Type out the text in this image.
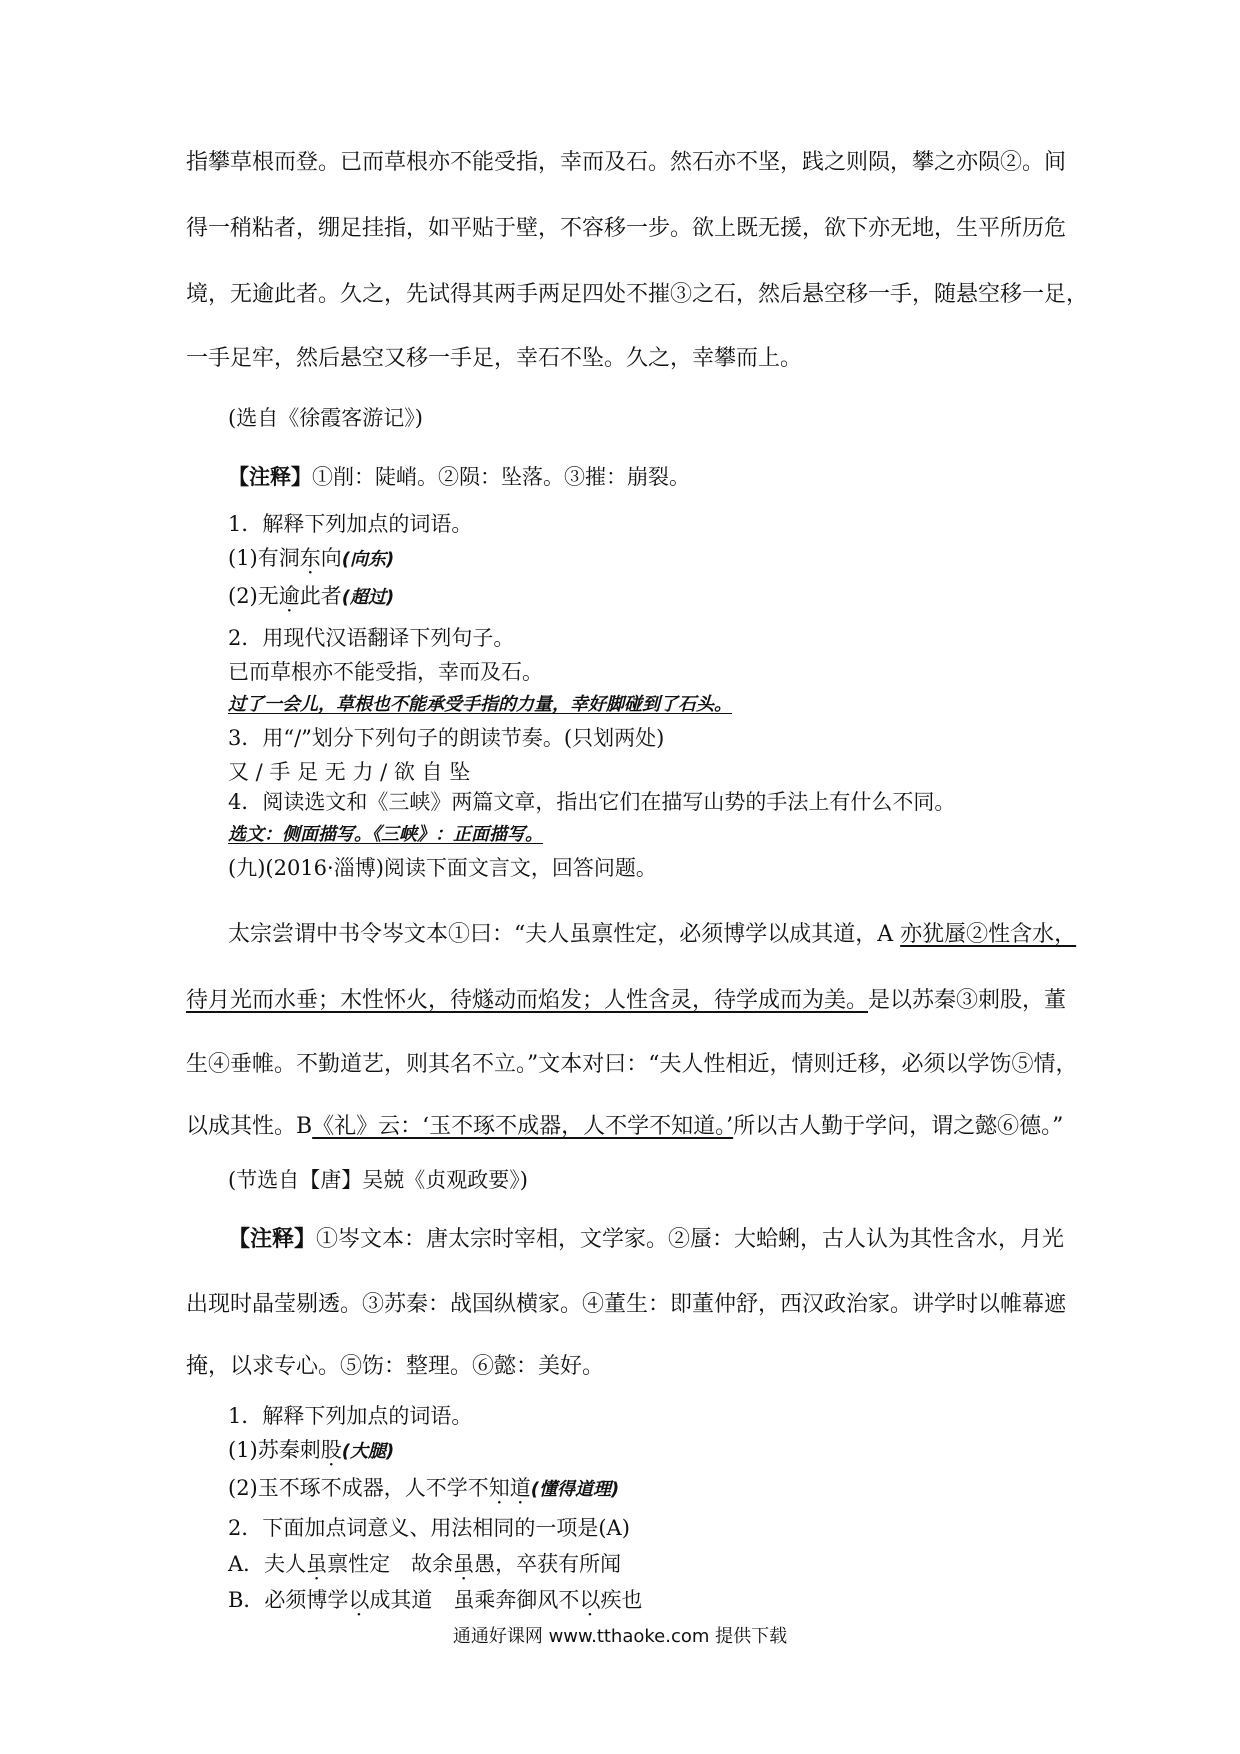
指攀草根而登。已而草根亦不能受指，幸而及石。然石亦不坚，践之则陨，攀之亦陨②。间
得一稍粘者，绷足挂指，如平贴于壁，不容移一步。欲上既无援，欲下亦无地，生平所历危
境，无逾此者。久之，先试得其两手两足四处不摧③之石，然后悬空移一手，随悬空移一足，
一手足牢，然后悬空又移一手足，幸石不坠。久之，幸攀而上。
(选自《徐霞客游记》)
【注释】①削：陡峭。②陨：坠落。③摧：崩裂。
1．解释下列加点的词语。
(1)有洞东向(向东)
(2)无逾此者(超过)
2．用现代汉语翻译下列句子。
已而草根亦不能受指，幸而及石。
过了一会儿，草根也不能承受手指的力量，幸好脚碰到了石头。
3．用“/”划分下列句子的朗读节奏。(只划两处)
又 / 手 足 无 力 / 欲 自 坠
4．阅读选文和《三峡》两篇文章，指出它们在描写山势的手法上有什么不同。
选文：侧面描写。《三峡》：正面描写。
(九)(2016·淄博)阅读下面文言文，回答问题。
太宗尝谓中书令岑文本①曰：“夫人虽禀性定，必须博学以成其道，A 亦犹蜃②性含水，
待月光而水垂；木性怀火，待燧动而焰发；人性含灵，待学成而为美。是以苏秦③刺股，董
生④垂帷。不勤道艺，则其名不立。”文本对曰：“夫人性相近，情则迁移，必须以学饬⑤情，
以成其性。B《礼》云：‘玉不琢不成器，人不学不知道。’所以古人勤于学问，谓之懿⑥德。”
(节选自【唐】吴兢《贞观政要》)
【注释】①岑文本：唐太宗时宰相，文学家。②蜃：大蛤蜊，古人认为其性含水，月光
出现时晶莹剔透。③苏秦：战国纵横家。④董生：即董仲舒，西汉政治家。讲学时以帷幕遮
掩，以求专心。⑤饬：整理。⑥懿：美好。
1．解释下列加点的词语。
(1)苏秦刺股(大腿)
(2)玉不琢不成器，人不学不知道(懂得道理)
2．下面加点词意义、用法相同的一项是(A)
A．夫人虽禀性定　故余虽愚，卒获有所闻
B．必须博学以成其道　虽乘奔御风不以疾也
通通好课网 www.tthaoke.com 提供下载
